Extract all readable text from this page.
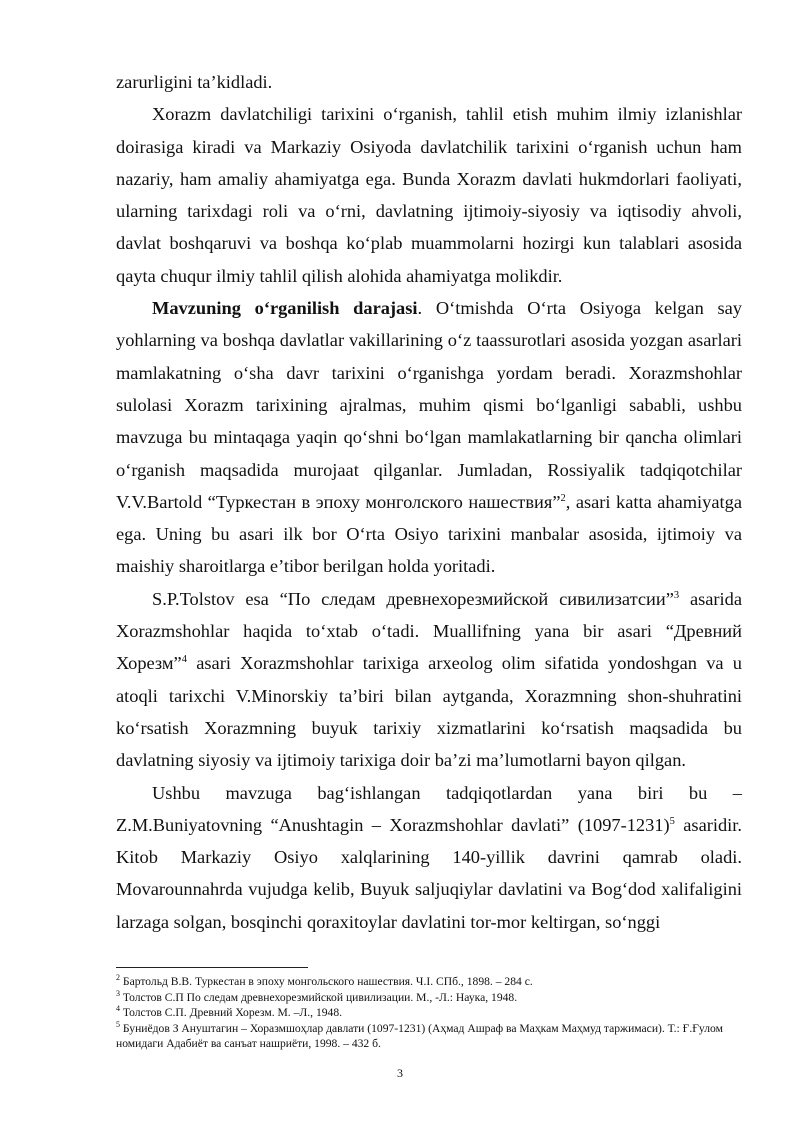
zarurligini ta’kidladi.

Xorazm davlatchiligi tarixini o‘rganish, tahlil etish muhim ilmiy izlanishlar doirasiga kiradi va Markaziy Osiyoda davlatchilik tarixini o‘rganish uchun ham nazariy, ham amaliy ahamiyatga ega. Bunda Xorazm davlati hukmdorlari faoliyati, ularning tarixdagi roli va o‘rni, davlatning ijtimoiy-siyosiy va iqtisodiy ahvoli, davlat boshqaruvi va boshqa ko‘plab muammolarni hozirgi kun talablari asosida qayta chuqur ilmiy tahlil qilish alohida ahamiyatga molikdir.

Mavzuning o‘rganilish darajasi. O‘tmishda O‘rta Osiyoga kelgan say yohlarning va boshqa davlatlar vakillarining o‘z taassurotlari asosida yozgan asarlari mamlakatning o‘sha davr tarixini o‘rganishga yordam beradi. Xorazmshohlar sulolasi Xorazm tarixining ajralmas, muhim qismi bo‘lganligi sababli, ushbu mavzuga bu mintaqaga yaqin qo‘shni bo‘lgan mamlakatlarning bir qancha olimlari o‘rganish maqsadida murojaat qilganlar. Jumladan, Rossiyalik tadqiqotchilar V.V.Bartold “Туркестан в эпоху монголского нашествия”$^2$, asari katta ahamiyatga ega. Uning bu asari ilk bor O‘rta Osiyo tarixini manbalar asosida, ijtimoiy va maishiy sharoitlarga e’tibor berilgan holda yoritadi.

S.P.Tolstov esa “По следам древнехорезмийской сивилизатсии”$^3$ asarida Xorazmshohlar haqida to‘xtab o‘tadi. Muallifning yana bir asari “Древний Хорезм”$^4$ asari Xorazmshohlar tarixiga arxeolog olim sifatida yondoshgan va u atoqli tarixchi V.Minorskiy ta’biri bilan aytganda, Xorazmning shon-shuhratini ko‘rsatish Xorazmning buyuk tarixiy xizmatlarini ko‘rsatish maqsadida bu davlatning siyosiy va ijtimoiy tarixiga doir ba’zi ma’lumotlarni bayon qilgan.

Ushbu mavzuga bag‘ishlangan tadqiqotlardan yana biri bu – Z.M.Buniyatovning “Anushtagin – Xorazmshohlar davlati” (1097-1231)$^5$ asaridir. Kitob Markaziy Osiyo xalqlarining 140-yillik davrini qamrab oladi. Movarounnahrda vujudga kelib, Buyuk saljuqiylar davlatini va Bog‘dod xalifaligini larzaga solgan, bosqinchi qoraxitoylar davlatini tor-mor keltirgan, so‘nggi

$^2$ Бартольд В.В. Туркестан в эпоху монгольского нашествия. Ч.I. СПб., 1898. – 284 с.

$^3$ Толстов С.П По следам древнехорезмийской цивилизации. М., -Л.: Наука, 1948.

$^4$ Толстов С.П. Древний Хорезм. М. –Л., 1948.

$^5$ Буниёдов З Ануштагин – Хоразмшоҳлар давлати (1097-1231) (Аҳмад Ашраф ва Маҳкам Маҳмуд таржимаси). Т.: Ғ.Ғулом номидаги Адабиёт ва санъат нашриёти, 1998. – 432 б.

3
